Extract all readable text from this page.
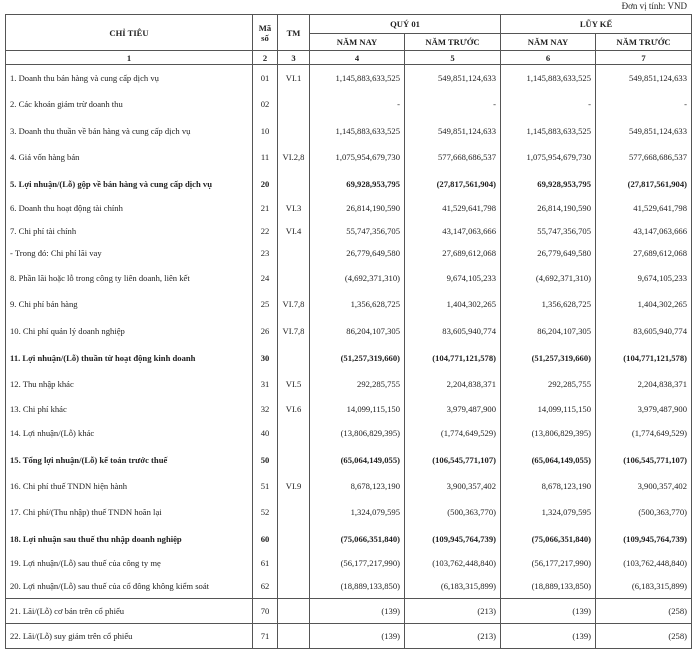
Đơn vị tính: VND
CHỈ TIÊU	Mã số	TM	QUÝ 01		LŨY KẾ	
			NĂM NAY	NĂM TRƯỚC	NĂM NAY	NĂM TRƯỚC
1	2	3	4	5	6	7
1. Doanh thu bán hàng và cung cấp dịch vụ	01	VI.1	1,145,883,633,525	549,851,124,633	1,145,883,633,525	549,851,124,633
2. Các khoản giảm trừ doanh thu	02		-	-	-	-
3. Doanh thu thuần về bán hàng và cung cấp dịch vụ	10		1,145,883,633,525	549,851,124,633	1,145,883,633,525	549,851,124,633
4. Giá vốn hàng bán	11	VI.2,8	1,075,954,679,730	577,668,686,537	1,075,954,679,730	577,668,686,537
5. Lợi nhuận/(Lỗ) gộp về bán hàng và cung cấp dịch vụ	20		69,928,953,795	(27,817,561,904)	69,928,953,795	(27,817,561,904)
6. Doanh thu hoạt động tài chính	21	VI.3	26,814,190,590	41,529,641,798	26,814,190,590	41,529,641,798
7. Chi phí tài chính	22	VI.4	55,747,356,705	43,147,063,666	55,747,356,705	43,147,063,666
- Trong đó: Chi phí lãi vay	23		26,779,649,580	27,689,612,068	26,779,649,580	27,689,612,068
8. Phần lãi hoặc lỗ trong công ty liên doanh, liên kết	24		(4,692,371,310)	9,674,105,233	(4,692,371,310)	9,674,105,233
9. Chi phí bán hàng	25	VI.7,8	1,356,628,725	1,404,302,265	1,356,628,725	1,404,302,265
10. Chi phí quản lý doanh nghiệp	26	VI.7,8	86,204,107,305	83,605,940,774	86,204,107,305	83,605,940,774
11. Lợi nhuận/(Lỗ) thuần từ hoạt động kinh doanh	30		(51,257,319,660)	(104,771,121,578)	(51,257,319,660)	(104,771,121,578)
12. Thu nhập khác	31	VI.5	292,285,755	2,204,838,371	292,285,755	2,204,838,371
13. Chi phí khác	32	VI.6	14,099,115,150	3,979,487,900	14,099,115,150	3,979,487,900
14. Lợi nhuận/(Lỗ) khác	40		(13,806,829,395)	(1,774,649,529)	(13,806,829,395)	(1,774,649,529)
15. Tổng lợi nhuận/(Lỗ) kế toán trước thuế	50		(65,064,149,055)	(106,545,771,107)	(65,064,149,055)	(106,545,771,107)
16. Chi phí thuế TNDN hiện hành	51	VI.9	8,678,123,190	3,900,357,402	8,678,123,190	3,900,357,402
17. Chi phí/(Thu nhập) thuế TNDN hoãn lại	52		1,324,079,595	(500,363,770)	1,324,079,595	(500,363,770)
18. Lợi nhuận sau thuế thu nhập doanh nghiệp	60		(75,066,351,840)	(109,945,764,739)	(75,066,351,840)	(109,945,764,739)
19. Lợi nhuận/(Lỗ) sau thuế của công ty mẹ	61		(56,177,217,990)	(103,762,448,840)	(56,177,217,990)	(103,762,448,840)
20. Lợi nhuận/(Lỗ) sau thuế của cổ đông không kiểm soát	62		(18,889,133,850)	(6,183,315,899)	(18,889,133,850)	(6,183,315,899)
21. Lãi/(Lỗ) cơ bản trên cổ phiếu	70		(139)	(213)	(139)	(258)
22. Lãi/(Lỗ) suy giảm trên cổ phiếu	71		(139)	(213)	(139)	(258)
